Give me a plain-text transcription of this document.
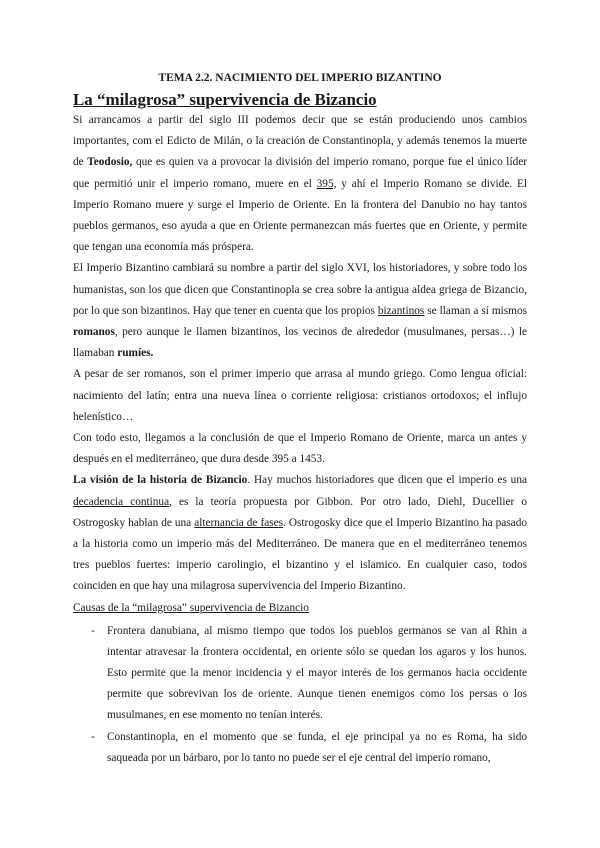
TEMA 2.2. NACIMIENTO DEL IMPERIO BIZANTINO
La “milagrosa” supervivencia de Bizancio

Si arrancamos a partir del siglo III podemos decir que se están produciendo unos cambios importantes, com el Edicto de Milán, o la creación de Constantinopla, y además tenemos la muerte de Teodosio, que es quien va a provocar la división del imperio romano, porque fue el único líder que permitió unir el imperio romano, muere en el 395, y ahí el Imperio Romano se divide. El Imperio Romano muere y surge el Imperio de Oriente. En la frontera del Danubio no hay tantos pueblos germanos, eso ayuda a que en Oriente permanezcan más fuertes que en Oriente, y permite que tengan una economía más próspera.

El Imperio Bizantino cambiará su nombre a partir del siglo XVI, los historiadores, y sobre todo los humanistas, son los que dicen que Constantinopla se crea sobre la antigua aldea griega de Bizancio, por lo que son bizantinos. Hay que tener en cuenta que los propios bizantinos se llaman a sí mismos romanos, pero aunque le llamen bizantinos, los vecinos de alrededor (musulmanes, persas…) le llamaban rumíes.

A pesar de ser romanos, son el primer imperio que arrasa al mundo griego. Como lengua oficial: nacimiento del latín; entra una nueva línea o corriente religiosa: cristianos ortodoxos; el influjo helenístico…

Con todo esto, llegamos a la conclusión de que el Imperio Romano de Oriente, marca un antes y después en el mediterráneo, que dura desde 395 a 1453.

La visión de la historia de Bizancio. Hay muchos historiadores que dicen que el imperio es una decadencia continua, es la teoría propuesta por Gibbon. Por otro lado, Diehl, Ducellier o Ostrogosky hablan de una alternancia de fases. Ostrogosky dice que el Imperio Bizantino ha pasado a la historia como un imperio más del Mediterráneo. De manera que en el mediterráneo tenemos tres pueblos fuertes: imperio carolingio, el bizantino y el islamico. En cualquier caso, todos coinciden en que hay una milagrosa supervivencia del Imperio Bizantino.

Causas de la “milagrosa” supervivencia de Bizancio

- Frontera danubiana, al mismo tiempo que todos los pueblos germanos se van al Rhin a intentar atravesar la frontera occidental, en oriente sólo se quedan los agaros y los hunos. Esto permite que la menor incidencia y el mayor interés de los germanos hacia occidente permite que sobrevivan los de oriente. Aunque tienen enemigos como los persas o los musulmanes, en ese momento no tenían interés.
- Constantinopla, en el momento que se funda, el eje principal ya no es Roma, ha sido saqueada por un bárbaro, por lo tanto no puede ser el eje central del imperio romano,
